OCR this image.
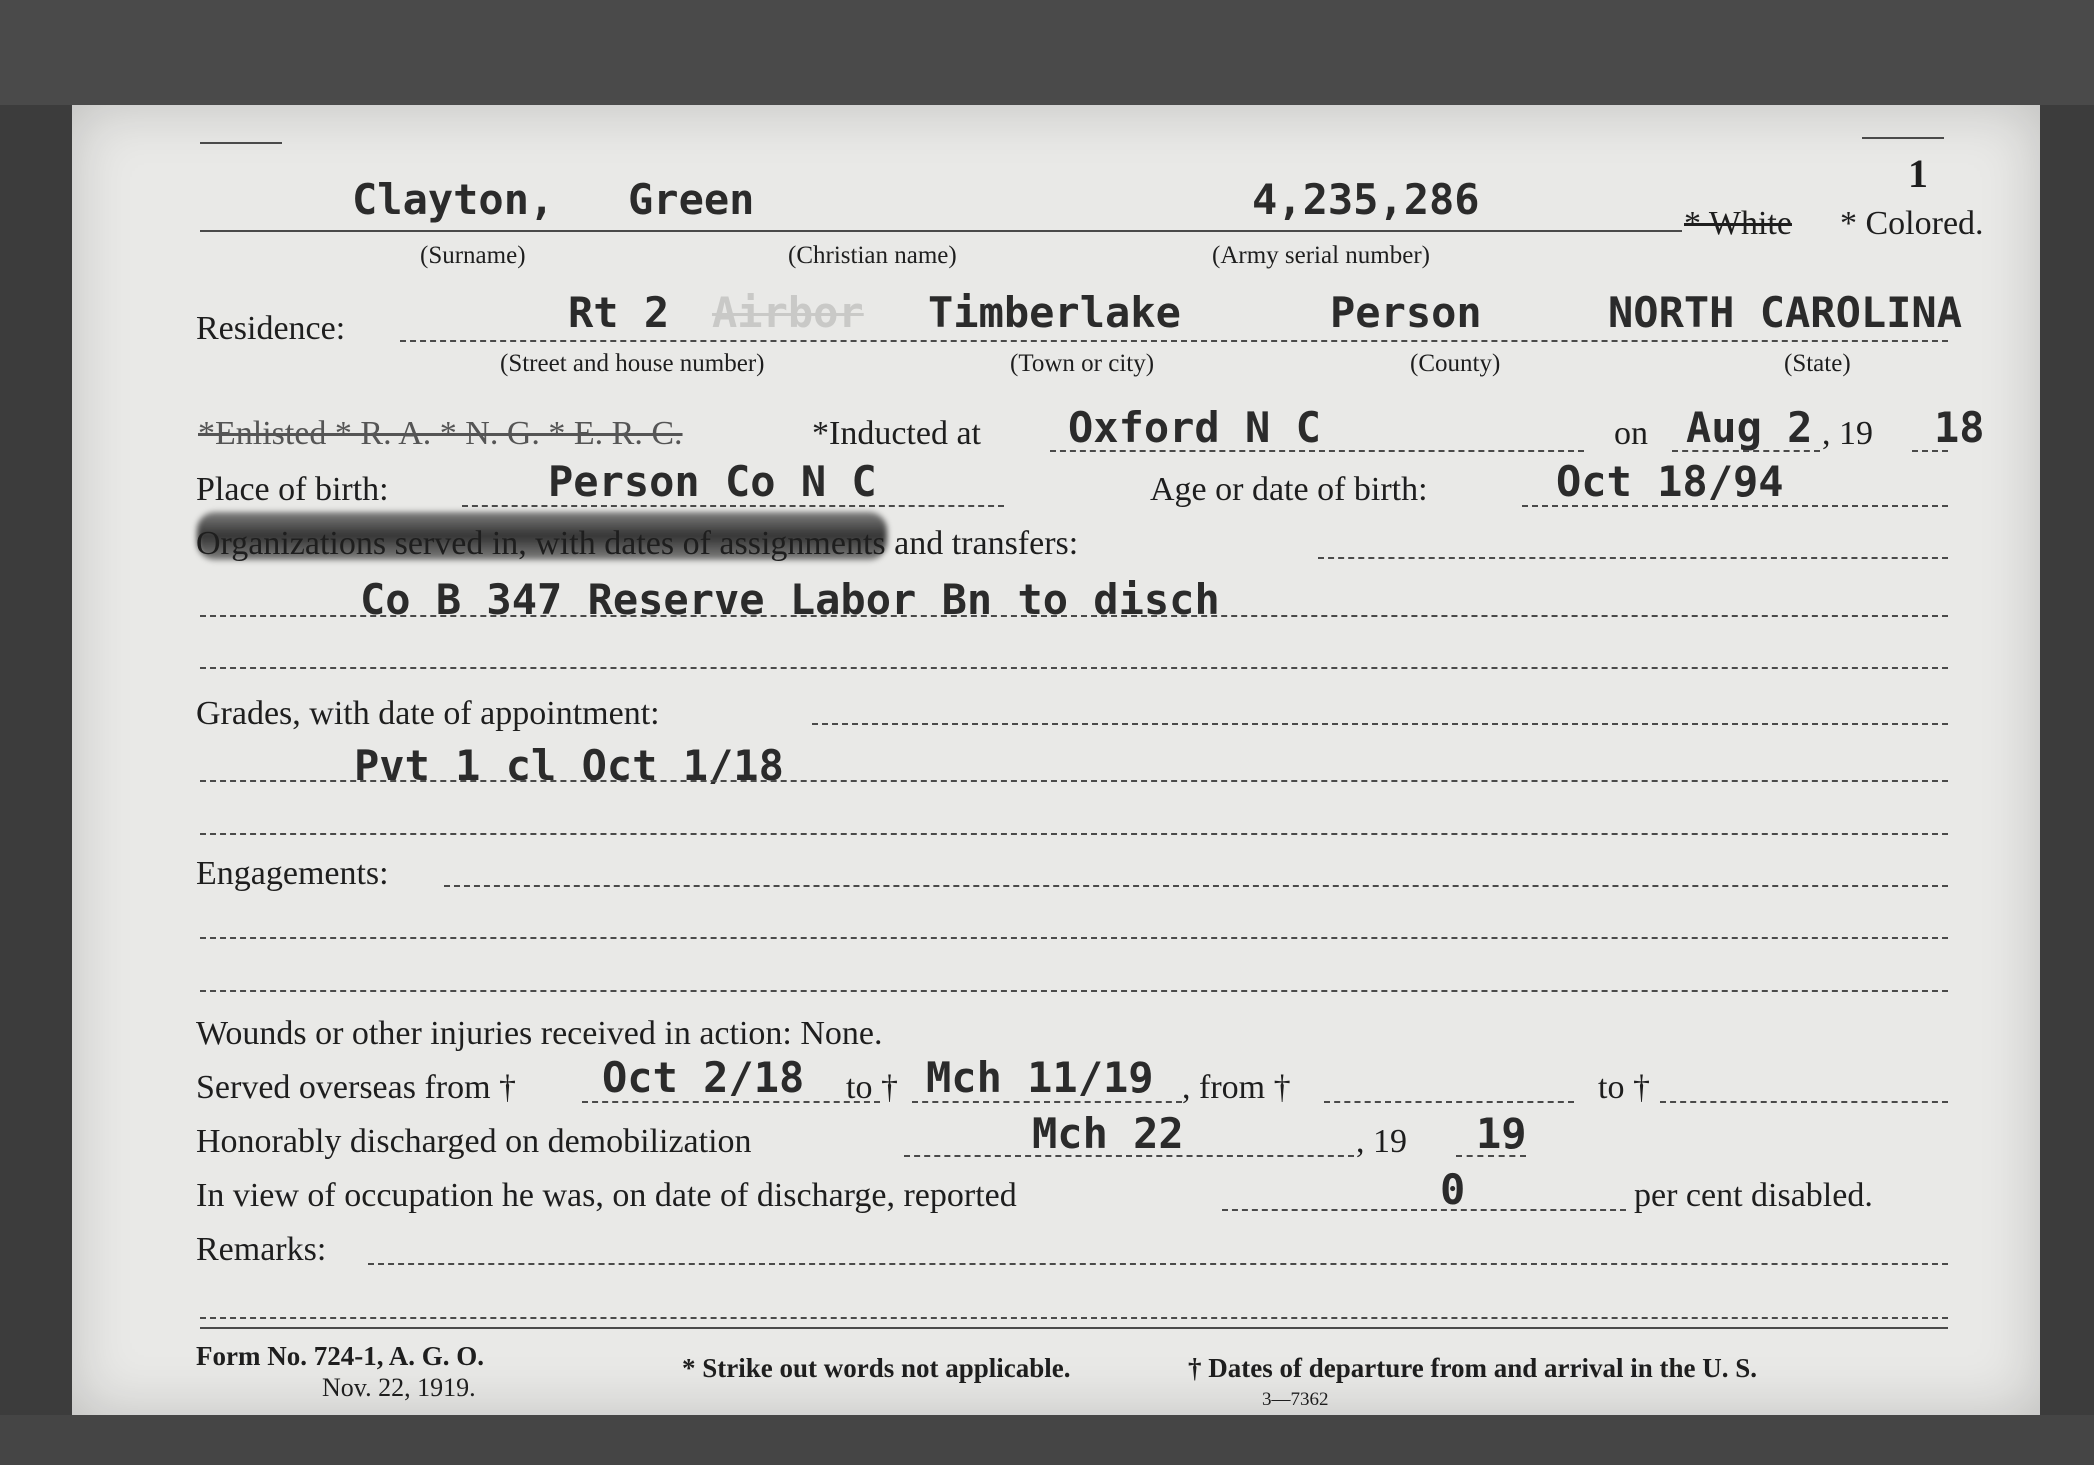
1
Clayton, Green	4,235,286	* White * Colored.
(Surname)	(Christian name)	(Army serial number)
Residence:	Rt 2 Airbor Timberlake	Person	NORTH CAROLINA
(Street and house number)	(Town or city)	(County)	(State)
*Enlisted * R. A. * N. G. * E. R. C.	*Inducted at Oxford N C	on Aug 2 , 19 18
Place of birth:	Person Co N C	Age or date of birth:	Oct 18/94
Organizations served in, with dates of assignments and transfers:
Co B 347 Reserve Labor Bn to disch
Grades, with date of appointment:
Pvt 1 cl Oct 1/18
Engagements:
Wounds or other injuries received in action: None.
Served overseas from † Oct 2/18 to † Mch 11/19 , from †	to †
Honorably discharged on demobilization	Mch 22	, 19 19
In view of occupation he was, on date of discharge, reported	0	per cent disabled.
Remarks:
Form No. 724-1, A. G. O.
Nov. 22, 1919.
* Strike out words not applicable.	† Dates of departure from and arrival in the U. S.
3—7362
